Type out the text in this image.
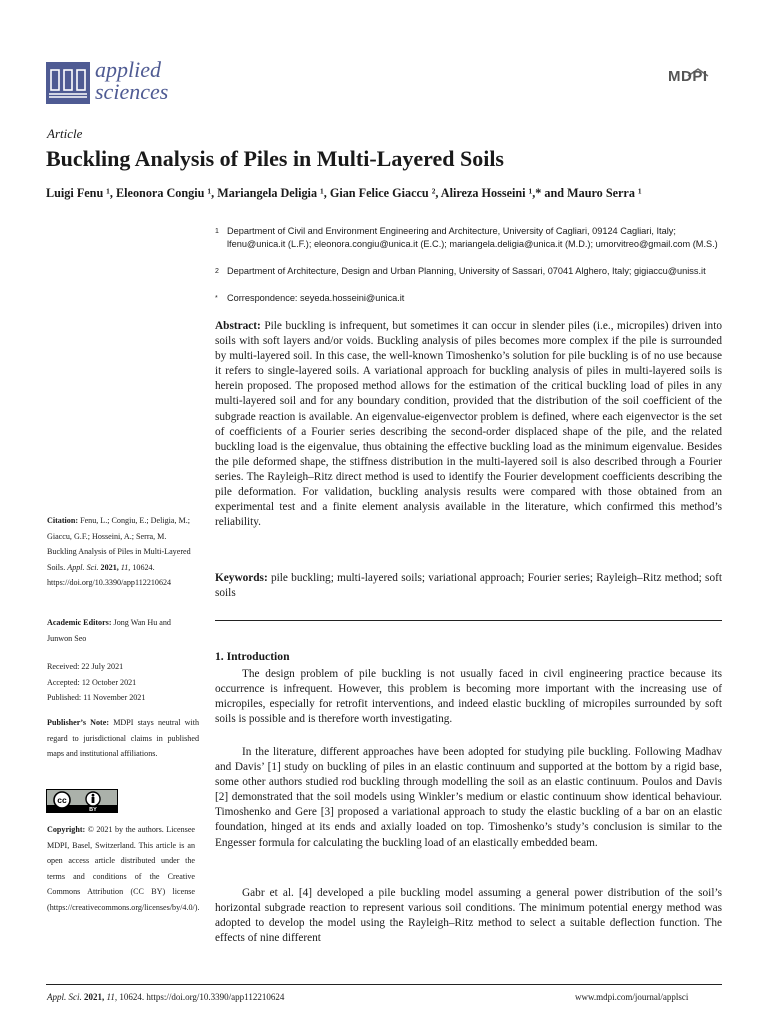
applied
sciences
MDPI
Article
Buckling Analysis of Piles in Multi-Layered Soils
Luigi Fenu ¹, Eleonora Congiu ¹, Mariangela Deligia ¹, Gian Felice Giaccu ², Alireza Hosseini ¹,* and Mauro Serra ¹
1 Department of Civil and Environment Engineering and Architecture, University of Cagliari, 09124 Cagliari, Italy; lfenu@unica.it (L.F.); eleonora.congiu@unica.it (E.C.); mariangela.deligia@unica.it (M.D.); umorvitreo@gmail.com (M.S.)
2 Department of Architecture, Design and Urban Planning, University of Sassari, 07041 Alghero, Italy; gigiaccu@uniss.it
* Correspondence: seyeda.hosseini@unica.it
Abstract: Pile buckling is infrequent, but sometimes it can occur in slender piles (i.e., micropiles) driven into soils with soft layers and/or voids. Buckling analysis of piles becomes more complex if the pile is surrounded by multi-layered soil. In this case, the well-known Timoshenko’s solution for pile buckling is of no use because it refers to single-layered soils. A variational approach for buckling analysis of piles in multi-layered soils is herein proposed. The proposed method allows for the estimation of the critical buckling load of piles in any multi-layered soil and for any boundary condition, provided that the distribution of the soil coefficient of the subgrade reaction is available. An eigenvalue-eigenvector problem is defined, where each eigenvector is the set of coefficients of a Fourier series describing the second-order displaced shape of the pile, and the related buckling load is the eigenvalue, thus obtaining the effective buckling load as the minimum eigenvalue. Besides the pile deformed shape, the stiffness distribution in the multi-layered soil is also described through a Fourier series. The Rayleigh–Ritz direct method is used to identify the Fourier development coefficients describing the pile deformation. For validation, buckling analysis results were compared with those obtained from an experimental test and a finite element analysis available in the literature, which confirmed this method’s reliability.
Keywords: pile buckling; multi-layered soils; variational approach; Fourier series; Rayleigh–Ritz method; soft soils
Citation: Fenu, L.; Congiu, E.; Deligia, M.; Giaccu, G.F.; Hosseini, A.; Serra, M. Buckling Analysis of Piles in Multi-Layered Soils. Appl. Sci. 2021, 11, 10624. https://doi.org/10.3390/app112210624
Academic Editors: Jong Wan Hu and Junwon Seo
Received: 22 July 2021
Accepted: 12 October 2021
Published: 11 November 2021
Publisher’s Note: MDPI stays neutral with regard to jurisdictional claims in published maps and institutional affiliations.
cc
BY
Copyright: © 2021 by the authors. Licensee MDPI, Basel, Switzerland. This article is an open access article distributed under the terms and conditions of the Creative Commons Attribution (CC BY) license (https://creativecommons.org/licenses/by/4.0/).
1. Introduction
The design problem of pile buckling is not usually faced in civil engineering practice because its occurrence is infrequent. However, this problem is becoming more important with the increasing use of micropiles, especially for retrofit interventions, and indeed elastic buckling of micropiles surrounded by soft soils is possible and is therefore worth investigating.
In the literature, different approaches have been adopted for studying pile buckling. Following Madhav and Davis’ [1] study on buckling of piles in an elastic continuum and supported at the bottom by a rigid base, some other authors studied rod buckling through modelling the soil as an elastic continuum. Poulos and Davis [2] demonstrated that the soil models using Winkler’s medium or elastic continuum show identical behaviour. Timoshenko and Gere [3] proposed a variational approach to study the elastic buckling of a bar on an elastic foundation, hinged at its ends and axially loaded on top. Timoshenko’s study’s conclusion is similar to the Engesser formula for calculating the buckling load of an elastically embedded beam.
Gabr et al. [4] developed a pile buckling model assuming a general power distribution of the soil’s horizontal subgrade reaction to represent various soil conditions. The minimum potential energy method was adopted to develop the model using the Rayleigh–Ritz method to select a suitable deflection function. The effects of nine different
Appl. Sci. 2021, 11, 10624. https://doi.org/10.3390/app112210624	www.mdpi.com/journal/applsci
